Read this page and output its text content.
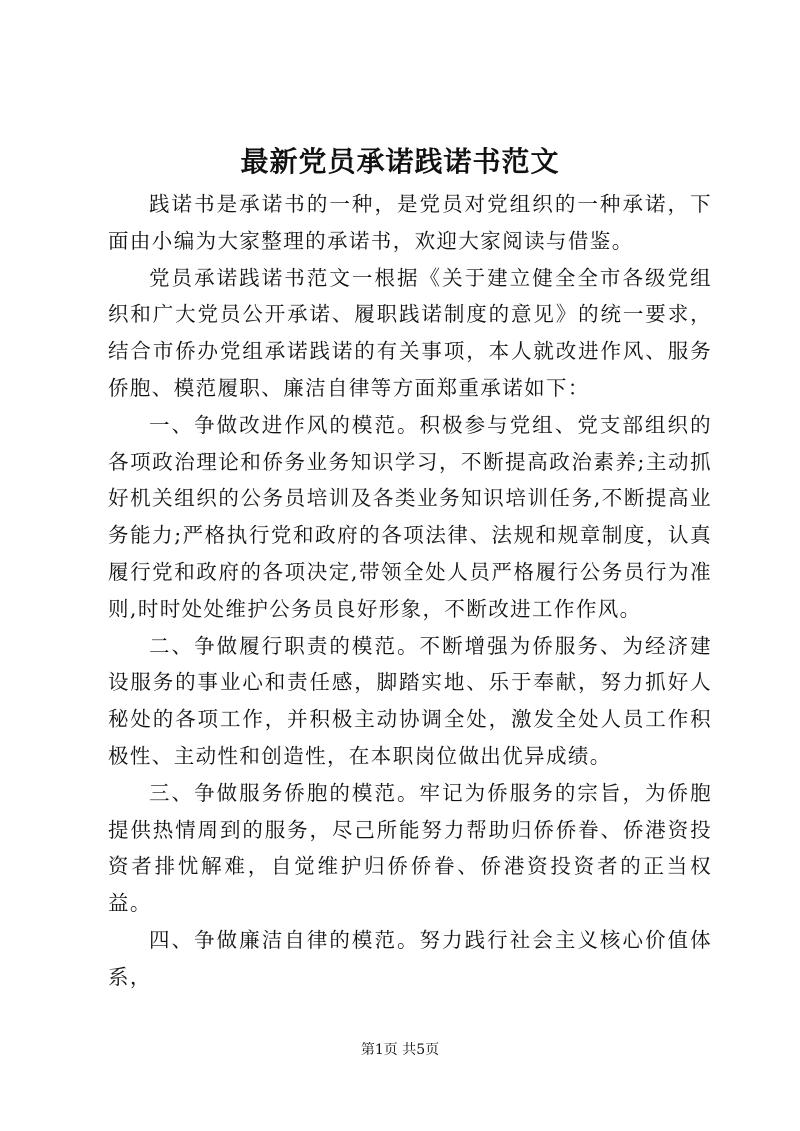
最新党员承诺践诺书范文

践诺书是承诺书的一种，是党员对党组织的一种承诺，下面由小编为大家整理的承诺书，欢迎大家阅读与借鉴。

党员承诺践诺书范文一根据《关于建立健全全市各级党组织和广大党员公开承诺、履职践诺制度的意见》的统一要求，结合市侨办党组承诺践诺的有关事项，本人就改进作风、服务侨胞、模范履职、廉洁自律等方面郑重承诺如下：

一、争做改进作风的模范。积极参与党组、党支部组织的各项政治理论和侨务业务知识学习，不断提高政治素养;主动抓好机关组织的公务员培训及各类业务知识培训任务,不断提高业务能力;严格执行党和政府的各项法律、法规和规章制度，认真履行党和政府的各项决定,带领全处人员严格履行公务员行为准则,时时处处维护公务员良好形象，不断改进工作作风。

二、争做履行职责的模范。不断增强为侨服务、为经济建设服务的事业心和责任感，脚踏实地、乐于奉献，努力抓好人秘处的各项工作，并积极主动协调全处，激发全处人员工作积极性、主动性和创造性，在本职岗位做出优异成绩。

三、争做服务侨胞的模范。牢记为侨服务的宗旨，为侨胞提供热情周到的服务，尽己所能努力帮助归侨侨眷、侨港资投资者排忧解难，自觉维护归侨侨眷、侨港资投资者的正当权益。

四、争做廉洁自律的模范。努力践行社会主义核心价值体系，

第1页 共5页
